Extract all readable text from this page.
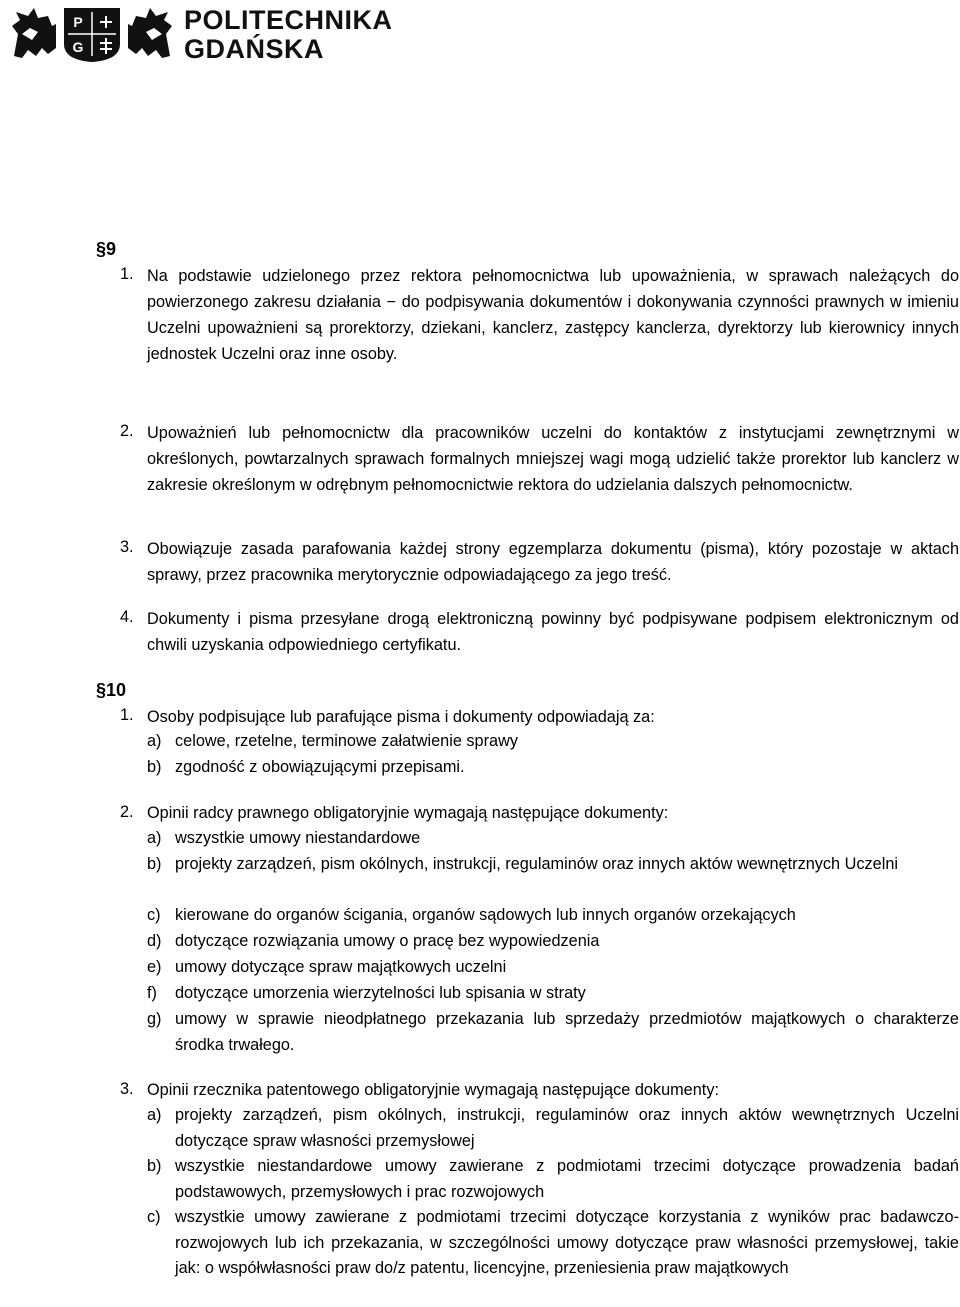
P
G
POLITECHNIKA
GDAŃSKA
§9
1. Na podstawie udzielonego przez rektora pełnomocnictwa lub upoważnienia, w sprawach należących do powierzonego zakresu działania − do podpisywania dokumentów i dokonywania czynności prawnych w imieniu Uczelni upoważnieni są prorektorzy, dziekani, kanclerz, zastępcy kanclerza, dyrektorzy lub kierownicy innych jednostek Uczelni oraz inne osoby.
2. Upoważnień lub pełnomocnictw dla pracowników uczelni do kontaktów z instytucjami zewnętrznymi w określonych, powtarzalnych sprawach formalnych mniejszej wagi mogą udzielić także prorektor lub kanclerz w zakresie określonym w odrębnym pełnomocnictwie rektora do udzielania dalszych pełnomocnictw.
3. Obowiązuje zasada parafowania każdej strony egzemplarza dokumentu (pisma), który pozostaje w aktach sprawy, przez pracownika merytorycznie odpowiadającego za jego treść.
4. Dokumenty i pisma przesyłane drogą elektroniczną powinny być podpisywane podpisem elektronicznym od chwili uzyskania odpowiedniego certyfikatu.
§10
1. Osoby podpisujące lub parafujące pisma i dokumenty odpowiadają za:
a) celowe, rzetelne, terminowe załatwienie sprawy
b) zgodność z obowiązującymi przepisami.
2. Opinii radcy prawnego obligatoryjnie wymagają następujące dokumenty:
a) wszystkie umowy niestandardowe
b) projekty zarządzeń, pism okólnych, instrukcji, regulaminów oraz innych aktów wewnętrznych Uczelni
c) kierowane do organów ścigania, organów sądowych lub innych organów orzekających
d) dotyczące rozwiązania umowy o pracę bez wypowiedzenia
e) umowy dotyczące spraw majątkowych uczelni
f) dotyczące umorzenia wierzytelności lub spisania w straty
g) umowy w sprawie nieodpłatnego przekazania lub sprzedaży przedmiotów majątkowych o charakterze środka trwałego.
3. Opinii rzecznika patentowego obligatoryjnie wymagają następujące dokumenty:
a) projekty zarządzeń, pism okólnych, instrukcji, regulaminów oraz innych aktów wewnętrznych Uczelni dotyczące spraw własności przemysłowej
b) wszystkie niestandardowe umowy zawierane z podmiotami trzecimi dotyczące prowadzenia badań podstawowych, przemysłowych i prac rozwojowych
c) wszystkie umowy zawierane z podmiotami trzecimi dotyczące korzystania z wyników prac badawczo-rozwojowych lub ich przekazania, w szczególności umowy dotyczące praw własności przemysłowej, takie jak: o współwłasności praw do/z patentu, licencyjne, przeniesienia praw majątkowych
